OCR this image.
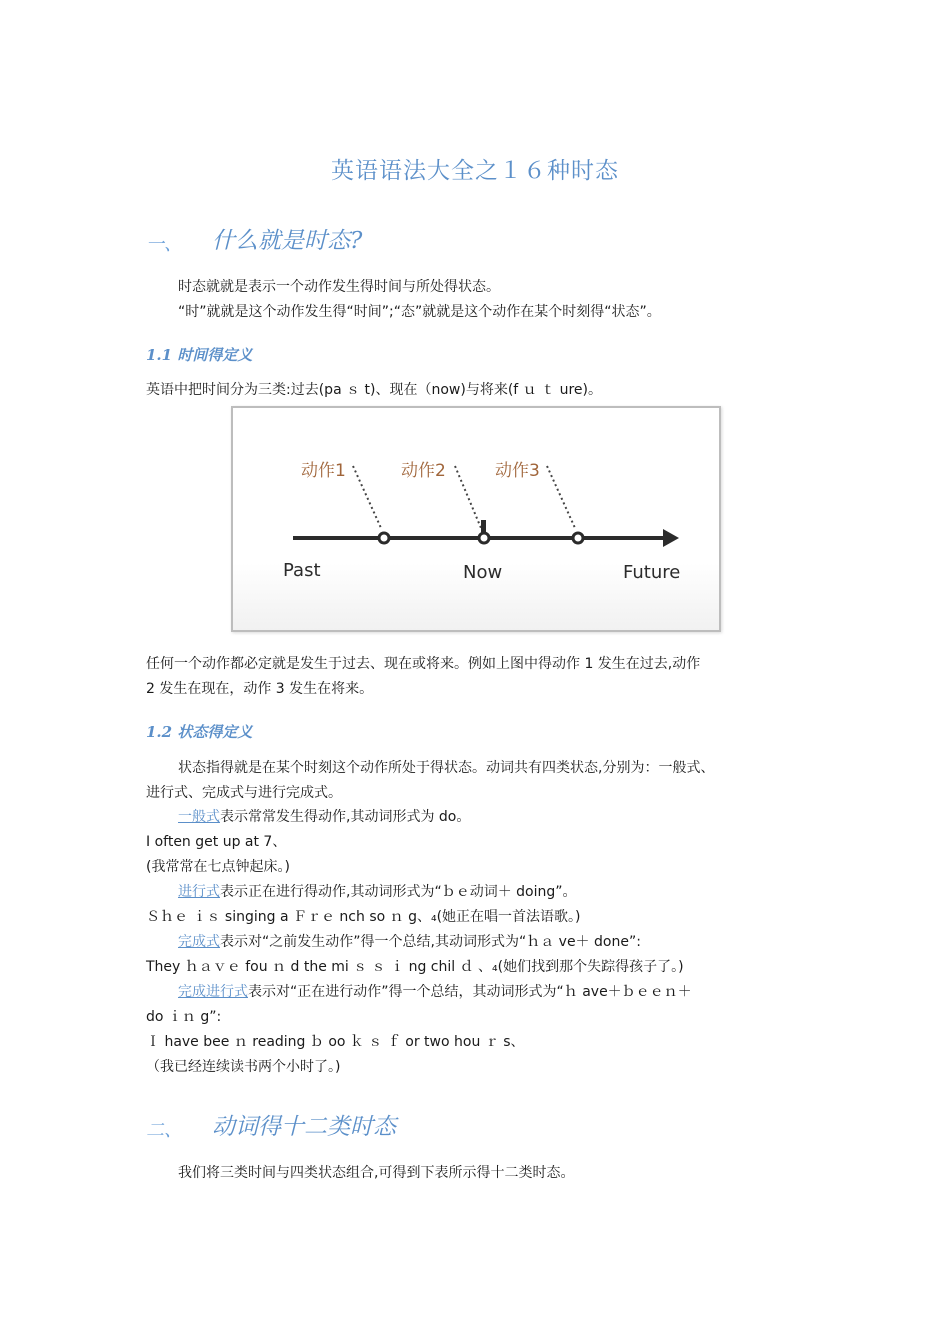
英语语法大全之１６种时态
一、 什么就是时态?
时态就就是表示一个动作发生得时间与所处得状态。
“时”就就是这个动作发生得“时间”;“态”就就是这个动作在某个时刻得“状态”。
1.1 时间得定义
英语中把时间分为三类:过去(pa ｓ t)、现在（now)与将来(f ｕ ｔ ure)。
动作1	动作2	动作3
Past	Now	Future
任何一个动作都必定就是发生于过去、现在或将来。例如上图中得动作 1 发生在过去,动作
2 发生在现在，动作 3 发生在将来。
1.2 状态得定义
状态指得就是在某个时刻这个动作所处于得状态。动词共有四类状态,分别为：一般式、
进行式、完成式与进行完成式。
一般式表示常常发生得动作,其动词形式为 do。
I often get up at 7、
(我常常在七点钟起床。)
进行式表示正在进行得动作,其动词形式为“ｂｅ动词＋ doing”。
Ｓｈｅ ｉｓ singing a Ｆｒｅ nch so ｎ g、₄(她正在唱一首法语歌。)
完成式表示对“之前发生动作”得一个总结,其动词形式为“ｈａ ve＋ done”:
They ｈａｖｅ fou ｎ d the mi ｓ ｓ ｉ ng chil ｄ 、₄(她们找到那个失踪得孩子了。)
完成进行式表示对“正在进行动作”得一个总结，其动词形式为“ｈ ave＋ｂｅｅｎ＋
do ｉｎ g”:
Ｉ have bee ｎ reading ｂ oo ｋ ｓ ｆ or two hou ｒ s、
（我已经连续读书两个小时了。)
二、 动词得十二类时态
我们将三类时间与四类状态组合,可得到下表所示得十二类时态。
